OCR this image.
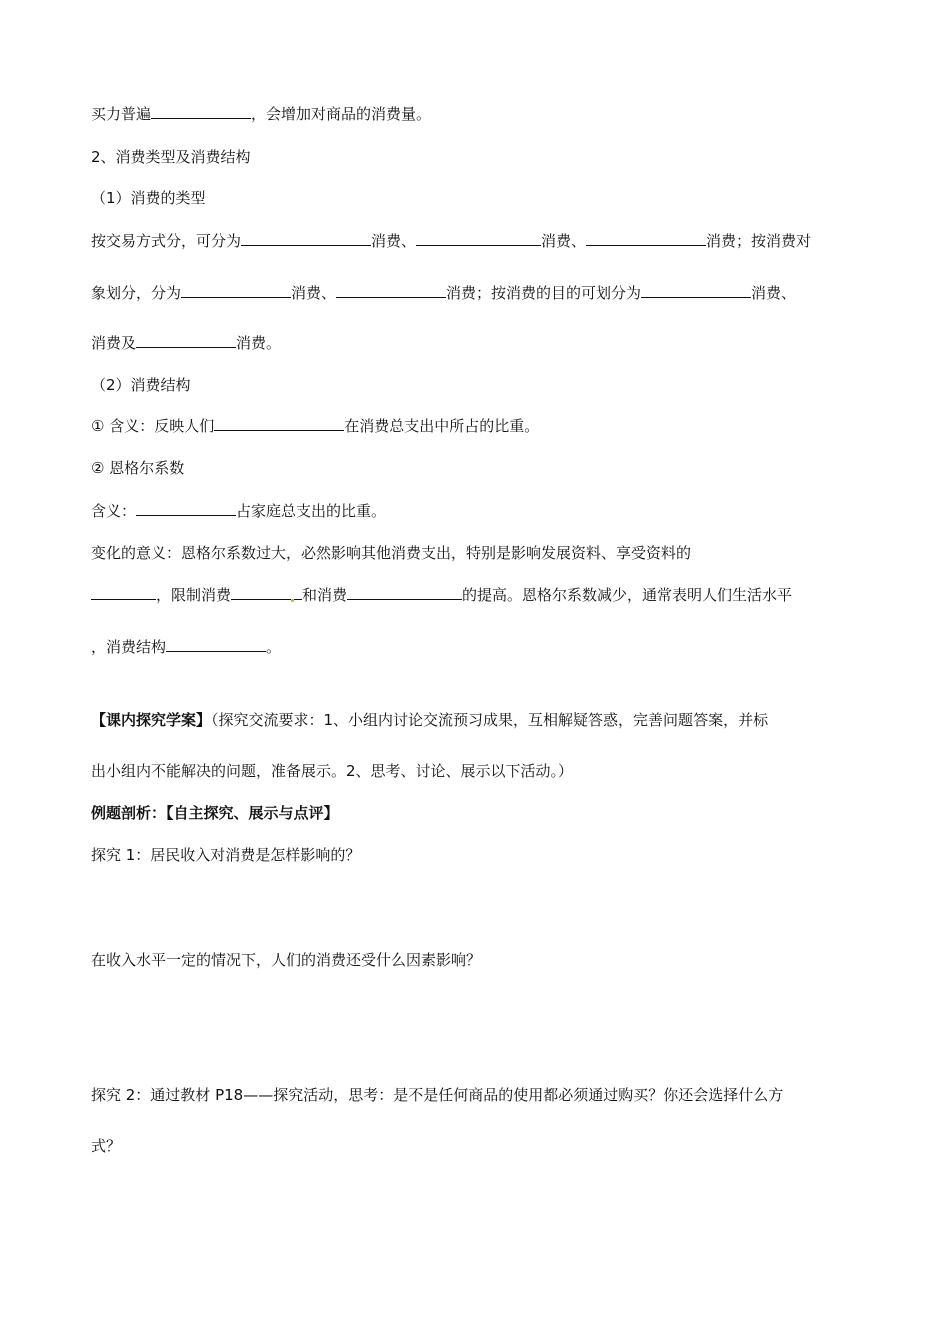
买力普遍	，会增加对商品的消费量。
2、消费类型及消费结构
（1）消费的类型
按交易方式分，可分为	消费、	消费、	消费；按消费对
象划分，分为	消费、	消费；按消费的目的可划分为	消费、
消费及	消费。
（2）消费结构
① 含义：反映人们	在消费总支出中所占的比重。
② 恩格尔系数
含义：	占家庭总支出的比重。
变化的意义：恩格尔系数过大，必然影响其他消费支出，特别是影响发展资料、享受资料的
，限制消费	和消费	的提高。恩格尔系数减少，通常表明人们生活水平
，消费结构	。
【课内探究学案】（探究交流要求：1、小组内讨论交流预习成果，互相解疑答惑，完善问题答案，并标
出小组内不能解决的问题，准备展示。2、思考、讨论、展示以下活动。）
例题剖析：【自主探究、展示与点评】
探究 1：居民收入对消费是怎样影响的？
在收入水平一定的情况下，人们的消费还受什么因素影响？
探究 2：通过教材 P18——探究活动，思考：是不是任何商品的使用都必须通过购买？你还会选择什么方
式？
